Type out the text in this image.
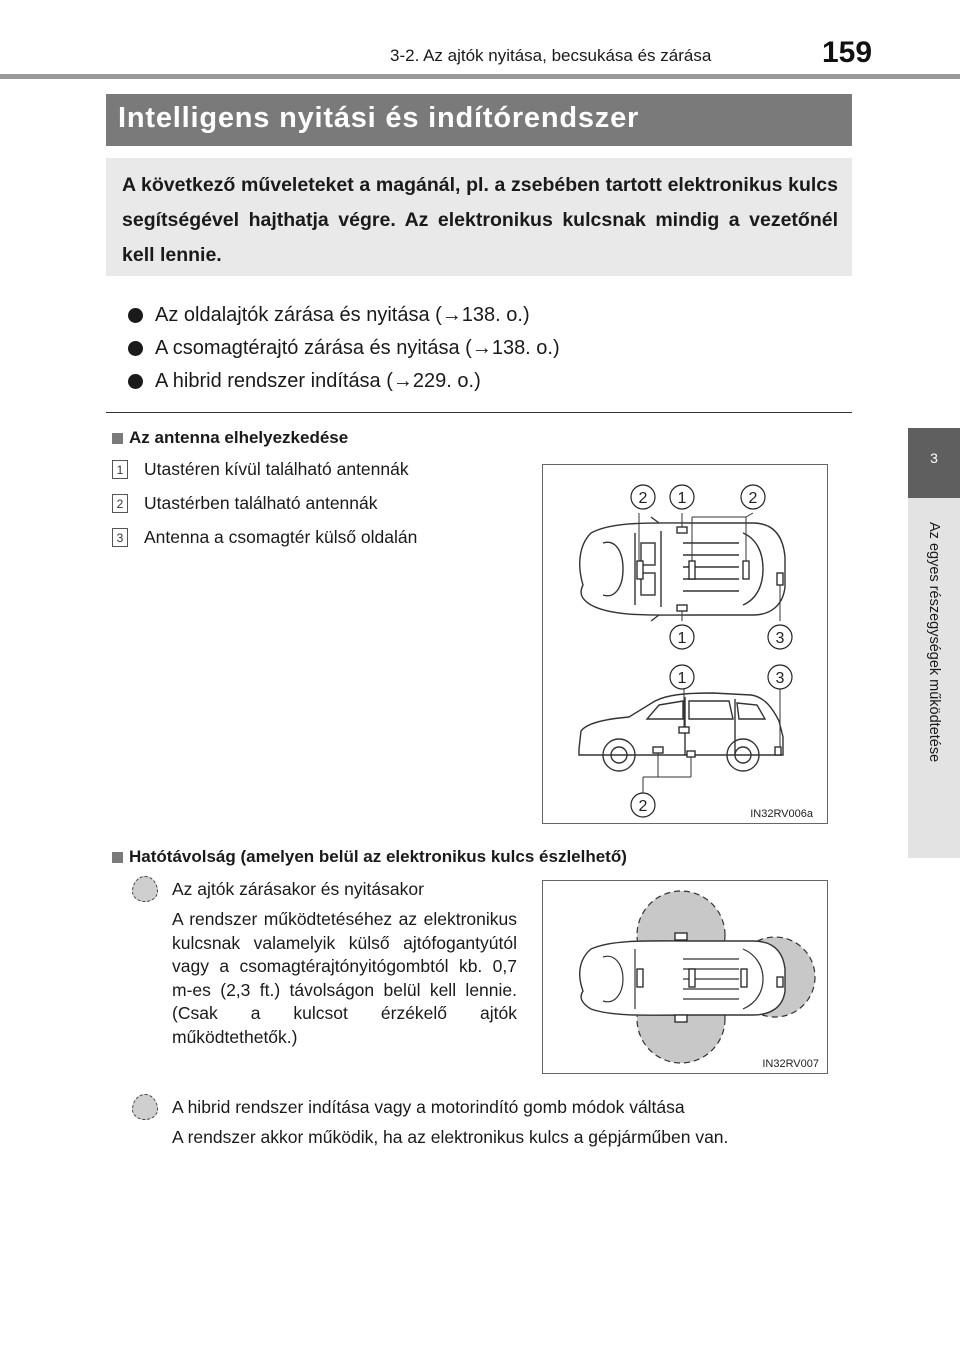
3-2. Az ajtók nyitása, becsukása és zárása	159
3
Az egyes részegységek működtetése
Intelligens nyitási és indítórendszer
A következő műveleteket a magánál, pl. a zsebében tartott elektronikus kulcs segítségével hajthatja végre. Az elektronikus kulcsnak mindig a vezetőnél kell lennie.
Az oldalajtók zárása és nyitása (→138. o.)
A csomagtérajtó zárása és nyitása (→138. o.)
A hibrid rendszer indítása (→229. o.)
Az antenna elhelyezkedése
1 Utastéren kívül található antennák
2 Utastérben található antennák
3 Antenna a csomagtér külső oldalán
2 1	2
1	3
1	3
2	IN32RV006a
Hatótávolság (amelyen belül az elektronikus kulcs észlelhető)
Az ajtók zárásakor és nyitásakor
A rendszer működtetéséhez az elektronikus kulcsnak valamelyik külső ajtófogantyútól vagy a csomagtérajtónyitógombtól kb. 0,7 m-es (2,3 ft.) távolságon belül kell lennie. (Csak a kulcsot érzékelő ajtók működtethetők.)
IN32RV007
A hibrid rendszer indítása vagy a motorindító gomb módok váltása
A rendszer akkor működik, ha az elektronikus kulcs a gépjárműben van.
